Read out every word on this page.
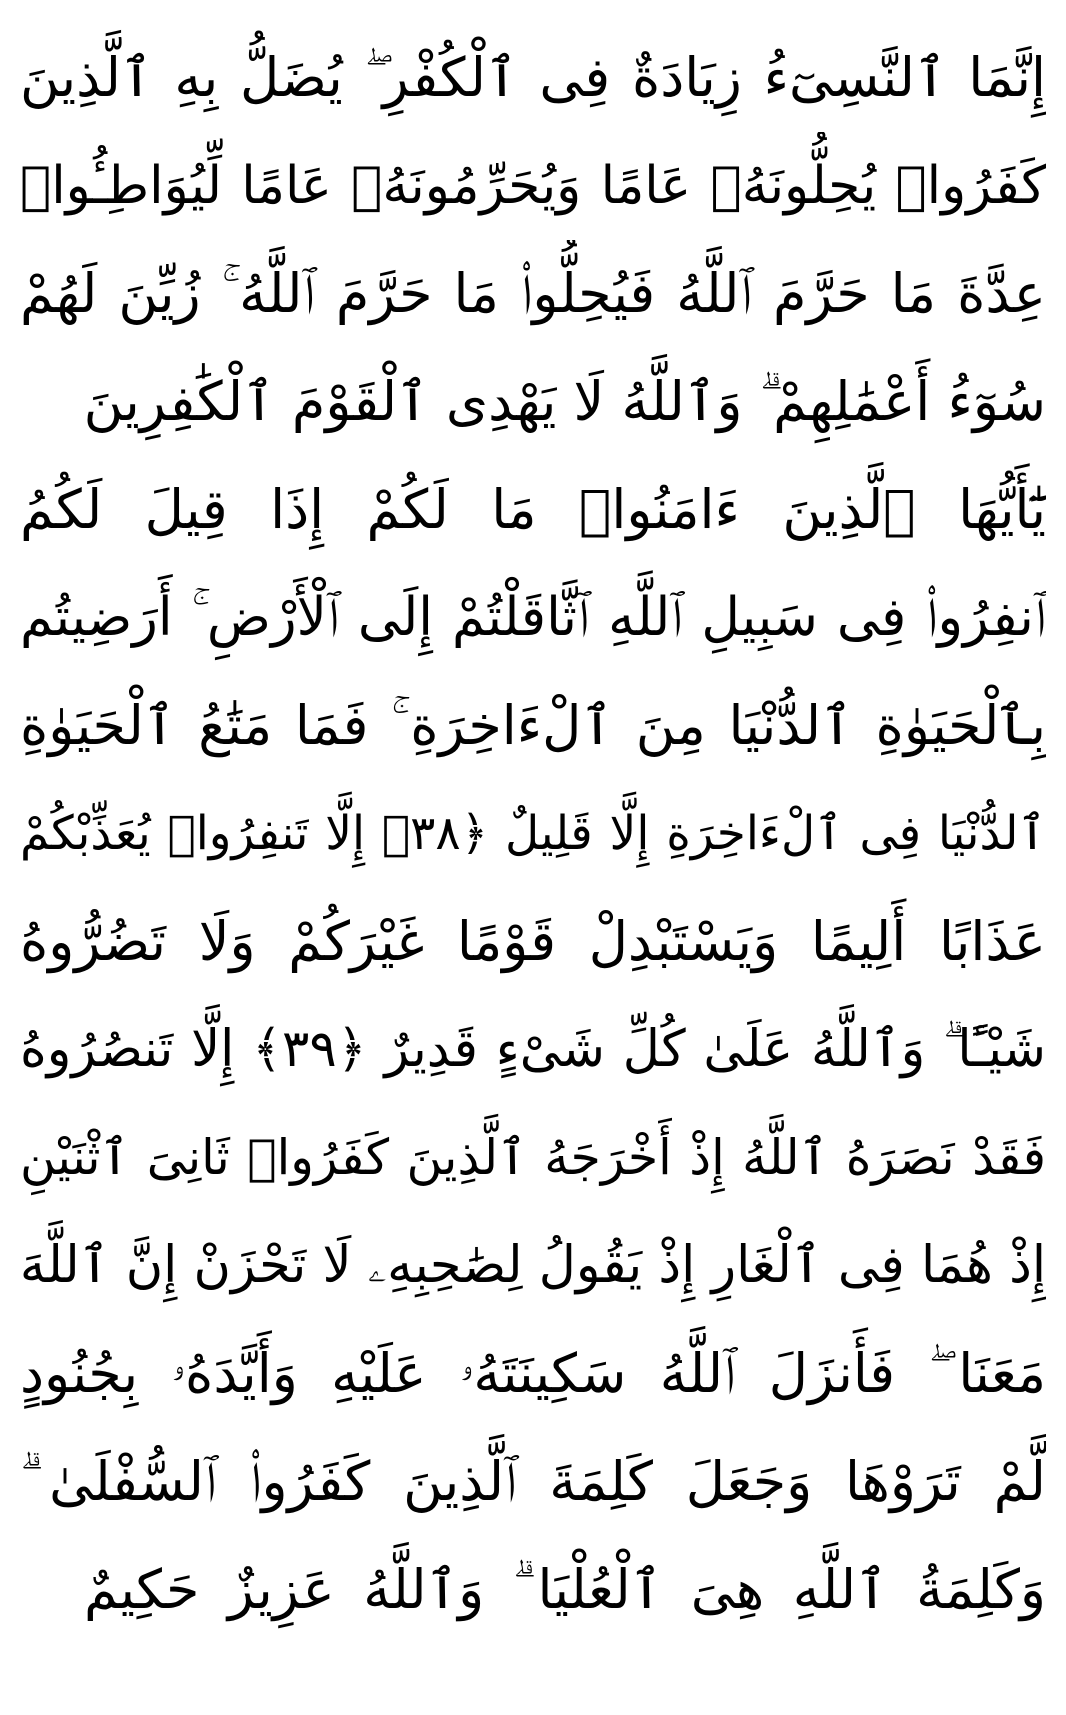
إِنَّمَا ٱلنَّسِىٓءُ زِيَادَةٌ فِى ٱلْكُفْرِ ۖ يُضَلُّ بِهِ ٱلَّذِينَ
كَفَرُوا۟ يُحِلُّونَهُۥ عَامًا وَيُحَرِّمُونَهُۥ عَامًا لِّيُوَاطِـُٔوا۟
عِدَّةَ مَا حَرَّمَ ٱللَّهُ فَيُحِلُّوا۟ مَا حَرَّمَ ٱللَّهُ ۚ زُيِّنَ لَهُمْ
سُوٓءُ أَعْمَٰلِهِمْ ۗ وَٱللَّهُ لَا يَهْدِى ٱلْقَوْمَ ٱلْكَٰفِرِينَ
يَٰٓأَيُّهَا ٱلَّذِينَ ءَامَنُوا۟ مَا لَكُمْ إِذَا قِيلَ لَكُمُ
ٱنفِرُوا۟ فِى سَبِيلِ ٱللَّهِ ٱثَّاقَلْتُمْ إِلَى ٱلْأَرْضِ ۚ أَرَضِيتُم
بِٱلْحَيَوٰةِ ٱلدُّنْيَا مِنَ ٱلْءَاخِرَةِ ۚ فَمَا مَتَٰعُ ٱلْحَيَوٰةِ
ٱلدُّنْيَا فِى ٱلْءَاخِرَةِ إِلَّا قَلِيلٌ ﴿٣٨﴾ إِلَّا تَنفِرُوا۟ يُعَذِّبْكُمْ
عَذَابًا أَلِيمًا وَيَسْتَبْدِلْ قَوْمًا غَيْرَكُمْ وَلَا تَضُرُّوهُ
شَيْـًٔا ۗ وَٱللَّهُ عَلَىٰ كُلِّ شَىْءٍ قَدِيرٌ ﴿٣٩﴾ إِلَّا تَنصُرُوهُ
فَقَدْ نَصَرَهُ ٱللَّهُ إِذْ أَخْرَجَهُ ٱلَّذِينَ كَفَرُوا۟ ثَانِىَ ٱثْنَيْنِ
إِذْ هُمَا فِى ٱلْغَارِ إِذْ يَقُولُ لِصَٰحِبِهِۦ لَا تَحْزَنْ إِنَّ ٱللَّهَ
مَعَنَا ۖ فَأَنزَلَ ٱللَّهُ سَكِينَتَهُۥ عَلَيْهِ وَأَيَّدَهُۥ بِجُنُودٍ
لَّمْ تَرَوْهَا وَجَعَلَ كَلِمَةَ ٱلَّذِينَ كَفَرُوا۟ ٱلسُّفْلَىٰ ۗ
وَكَلِمَةُ ٱللَّهِ هِىَ ٱلْعُلْيَا ۗ وَٱللَّهُ عَزِيزٌ حَكِيمٌ
